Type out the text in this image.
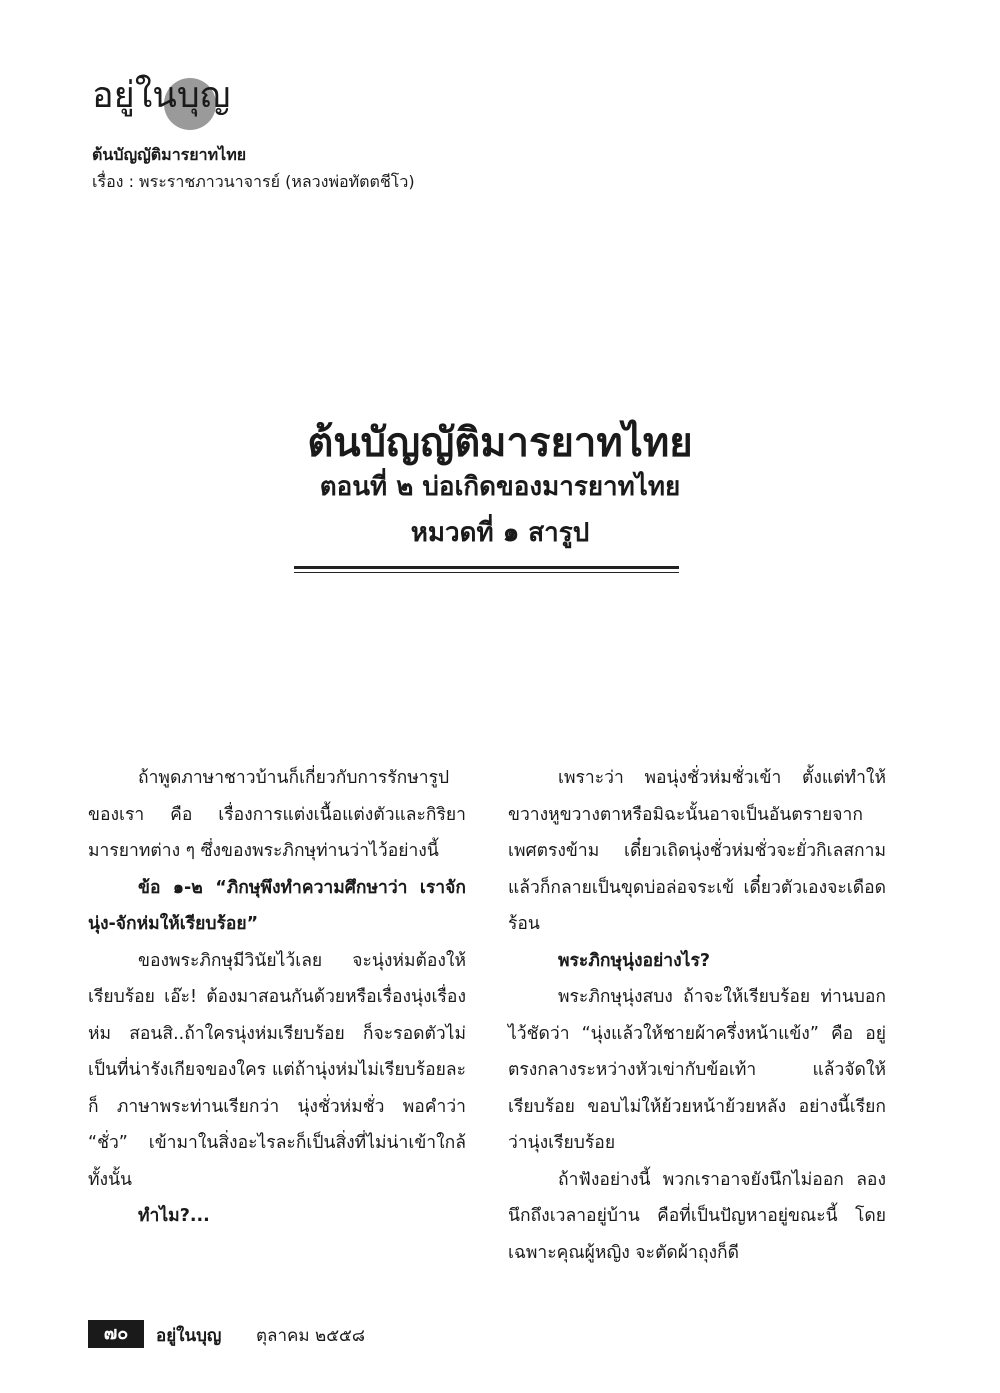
อยู่ในบุญ
ต้นบัญญัติมารยาทไทย
เรื่อง : พระราชภาวนาจารย์ (หลวงพ่อทัตตชีโว)
ต้นบัญญัติมารยาทไทย
ตอนที่ ๒ บ่อเกิดของมารยาทไทย
หมวดที่ ๑ สารูป

ถ้าพูดภาษาชาวบ้านก็เกี่ยวกับการรักษารูปของเรา คือ เรื่องการแต่งเนื้อแต่งตัวและกิริยามารยาทต่าง ๆ ซึ่งของพระภิกษุท่านว่าไว้อย่างนี้

ข้อ ๑-๒ “ภิกษุพึงทำความศึกษาว่า เราจักนุ่ง-จักห่มให้เรียบร้อย”

ของพระภิกษุมีวินัยไว้เลย จะนุ่งห่มต้องให้เรียบร้อย เอ๊ะ! ต้องมาสอนกันด้วยหรือเรื่องนุ่งเรื่องห่ม สอนสิ..ถ้าใครนุ่งห่มเรียบร้อย ก็จะรอดตัวไม่เป็นที่น่ารังเกียจของใคร แต่ถ้านุ่งห่มไม่เรียบร้อยละก็ ภาษาพระท่านเรียกว่า นุ่งชั่วห่มชั่ว พอคำว่า “ชั่ว” เข้ามาในสิ่งอะไรละก็เป็นสิ่งที่ไม่น่าเข้าใกล้ทั้งนั้น

ทำไม?...

เพราะว่า พอนุ่งชั่วห่มชั่วเข้า ตั้งแต่ทำให้ขวางหูขวางตาหรือมิฉะนั้นอาจเป็นอันตรายจากเพศตรงข้าม เดี๋ยวเถิดนุ่งชั่วห่มชั่วจะยั่วกิเลสกาม แล้วก็กลายเป็นขุดบ่อล่อจระเข้ เดี๋ยวตัวเองจะเดือดร้อน

พระภิกษุนุ่งอย่างไร?

พระภิกษุนุ่งสบง ถ้าจะให้เรียบร้อย ท่านบอกไว้ชัดว่า “นุ่งแล้วให้ชายผ้าครึ่งหน้าแข้ง” คือ อยู่ตรงกลางระหว่างหัวเข่ากับข้อเท้า แล้วจัดให้เรียบร้อย ขอบไม่ให้ย้วยหน้าย้วยหลัง อย่างนี้เรียกว่านุ่งเรียบร้อย

ถ้าฟังอย่างนี้ พวกเราอาจยังนึกไม่ออก ลองนึกถึงเวลาอยู่บ้าน คือที่เป็นปัญหาอยู่ขณะนี้ โดยเฉพาะคุณผู้หญิง จะตัดผ้าถุงก็ดี

๗๐	อยู่ในบุญ ตุลาคม ๒๕๕๘
